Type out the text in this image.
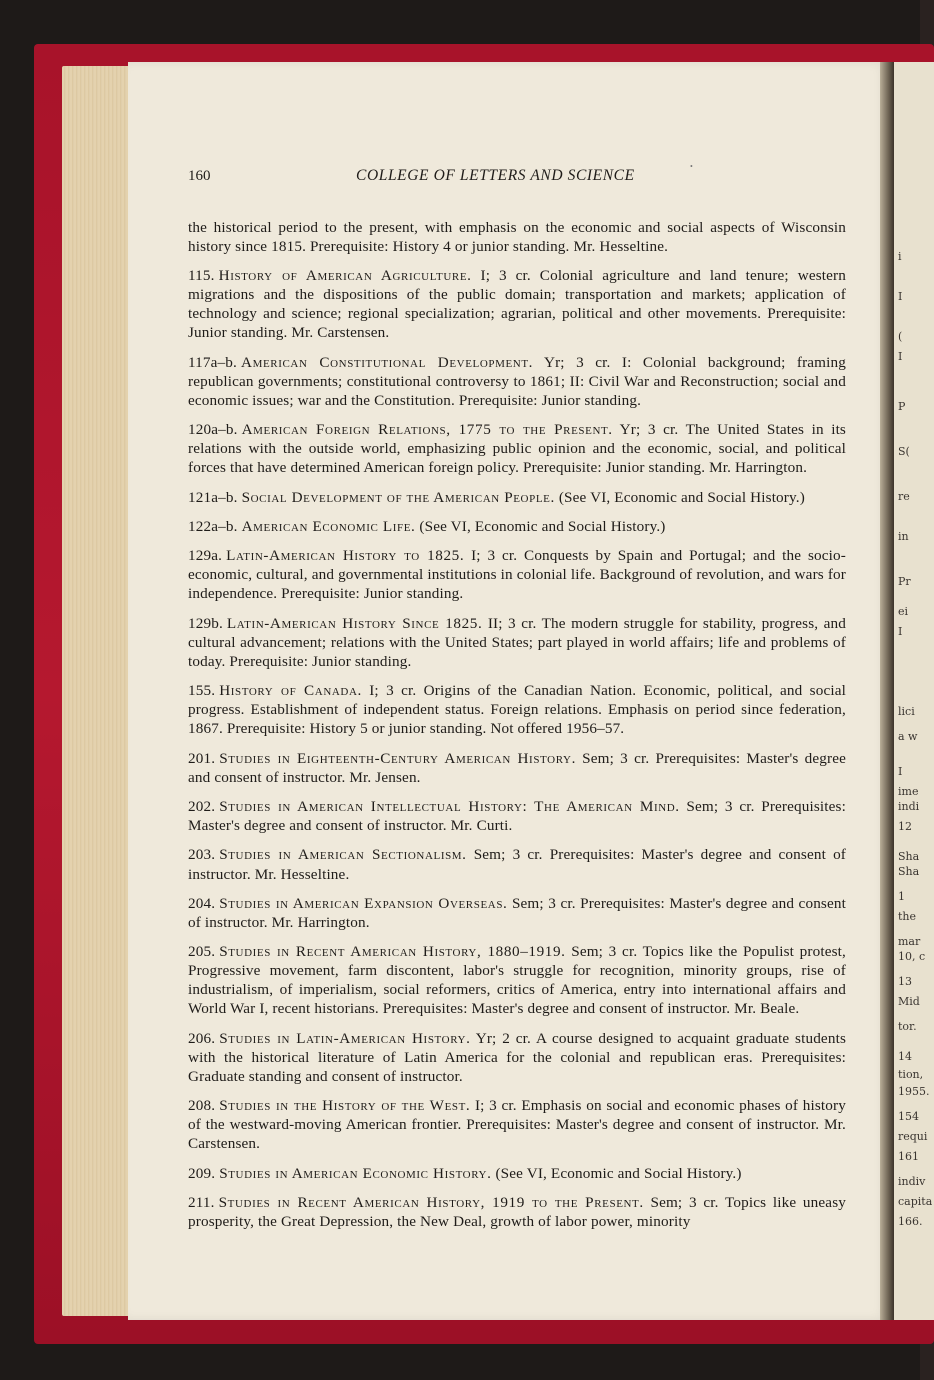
i
I
(
I
P
S(
re
in
Pr
ei
I
lici
a w
I
ime
indi
12
Sha
Sha
1
the
mar
10, c
13
Mid
tor.
14
tion,
1955.
154
requi
161
indiv
capita
166.
160	COLLEGE OF LETTERS AND SCIENCE
•

the historical period to the present, with emphasis on the economic and social aspects of Wisconsin history since 1815. Prerequisite: History 4 or junior standing. Mr. Hesseltine.

115. History of American Agriculture. I; 3 cr. Colonial agriculture and land tenure; western migrations and the dispositions of the public domain; transportation and markets; application of technology and science; regional specialization; agrarian, political and other movements. Prerequisite: Junior standing. Mr. Carstensen.

117a–b. American Constitutional Development. Yr; 3 cr. I: Colonial background; framing republican governments; constitutional controversy to 1861; II: Civil War and Reconstruction; social and economic issues; war and the Constitution. Prerequisite: Junior standing.

120a–b. American Foreign Relations, 1775 to the Present. Yr; 3 cr. The United States in its relations with the outside world, emphasizing public opinion and the economic, social, and political forces that have determined American foreign policy. Prerequisite: Junior standing. Mr. Harrington.

121a–b. Social Development of the American People. (See VI, Economic and Social History.)

122a–b. American Economic Life. (See VI, Economic and Social History.)

129a. Latin-American History to 1825. I; 3 cr. Conquests by Spain and Portugal; and the socio-economic, cultural, and governmental institutions in colonial life. Background of revolution, and wars for independence. Prerequisite: Junior standing.

129b. Latin-American History Since 1825. II; 3 cr. The modern struggle for stability, progress, and cultural advancement; relations with the United States; part played in world affairs; life and problems of today. Prerequisite: Junior standing.

155. History of Canada. I; 3 cr. Origins of the Canadian Nation. Economic, political, and social progress. Establishment of independent status. Foreign relations. Emphasis on period since federation, 1867. Prerequisite: History 5 or junior standing. Not offered 1956–57.

201. Studies in Eighteenth-Century American History. Sem; 3 cr. Prerequisites: Master's degree and consent of instructor. Mr. Jensen.

202. Studies in American Intellectual History: The American Mind. Sem; 3 cr. Prerequisites: Master's degree and consent of instructor. Mr. Curti.

203. Studies in American Sectionalism. Sem; 3 cr. Prerequisites: Master's degree and consent of instructor. Mr. Hesseltine.

204. Studies in American Expansion Overseas. Sem; 3 cr. Prerequisites: Master's degree and consent of instructor. Mr. Harrington.

205. Studies in Recent American History, 1880–1919. Sem; 3 cr. Topics like the Populist protest, Progressive movement, farm discontent, labor's struggle for recognition, minority groups, rise of industrialism, of imperialism, social reformers, critics of America, entry into international affairs and World War I, recent historians. Prerequisites: Master's degree and consent of instructor. Mr. Beale.

206. Studies in Latin-American History. Yr; 2 cr. A course designed to acquaint graduate students with the historical literature of Latin America for the colonial and republican eras. Prerequisites: Graduate standing and consent of instructor.

208. Studies in the History of the West. I; 3 cr. Emphasis on social and economic phases of history of the westward-moving American frontier. Prerequisites: Master's degree and consent of instructor. Mr. Carstensen.

209. Studies in American Economic History. (See VI, Economic and Social History.)

211. Studies in Recent American History, 1919 to the Present. Sem; 3 cr. Topics like uneasy prosperity, the Great Depression, the New Deal, growth of labor power, minority
